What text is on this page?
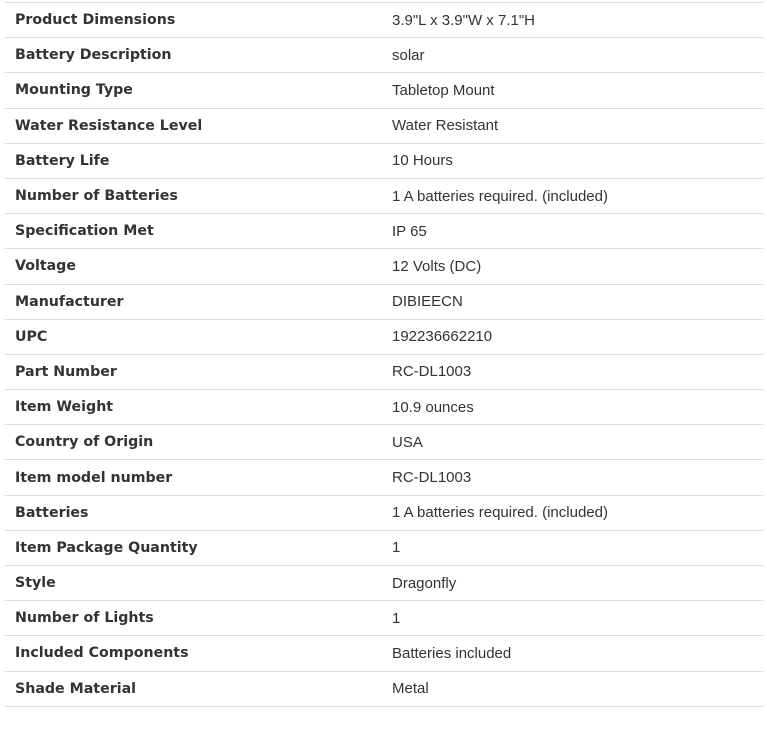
Product Dimensions	3.9"L x 3.9"W x 7.1"H
Battery Description	solar
Mounting Type	Tabletop Mount
Water Resistance Level	Water Resistant
Battery Life	10 Hours
Number of Batteries	1 A batteries required. (included)
Specification Met	IP 65
Voltage	12 Volts (DC)
Manufacturer	DIBIEECN
UPC	192236662210
Part Number	RC-DL1003
Item Weight	10.9 ounces
Country of Origin	USA
Item model number	RC-DL1003
Batteries	1 A batteries required. (included)
Item Package Quantity	1
Style	Dragonfly
Number of Lights	1
Included Components	Batteries included
Shade Material	Metal
